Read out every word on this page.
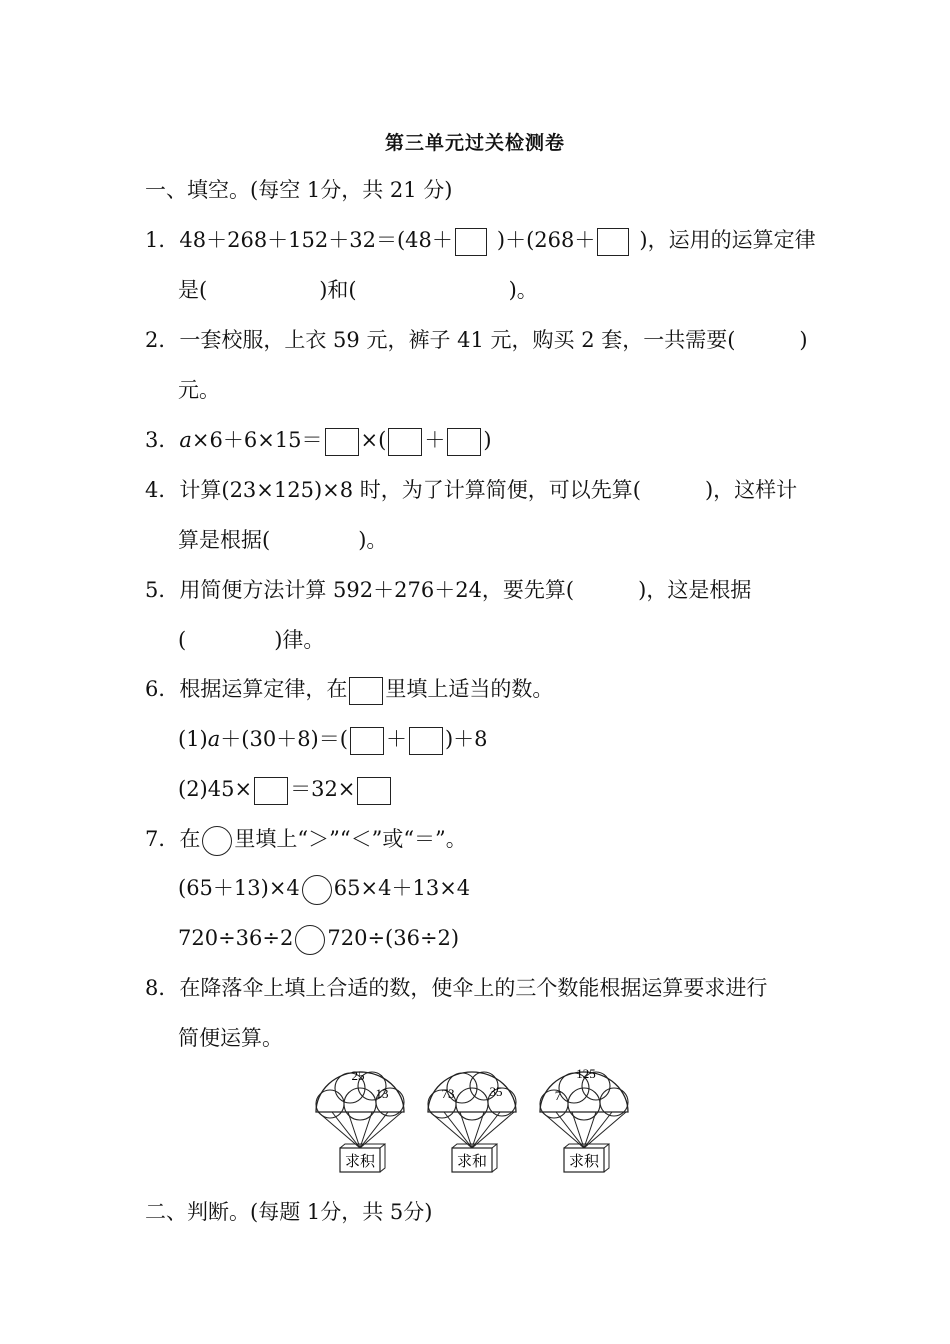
第三单元过关检测卷
一、填空。(每空 1分，共 21 分)
1．48＋268＋152＋32＝(48＋ )＋(268＋ )，运用的运算定律
是(	)和(	)。
2．一套校服，上衣 59 元，裤子 41 元，购买 2 套，一共需要(	)
元。
3．a×6＋6×15＝ ×( ＋ )
4．计算(23×125)×8 时，为了计算简便，可以先算(	)，这样计
算是根据(	)。
5．用简便方法计算 592＋276＋24，要先算(	)，这是根据
(	)律。
6．根据运算定律，在 里填上适当的数。
(1)a＋(30＋8)＝( ＋ )＋8
(2)45× ＝32×
7．在 里填上“＞”“＜”或“＝”。
(65＋13)×4 65×4＋13×4
720÷36÷2 720÷(36÷2)
8．在降落伞上填上合适的数，使伞上的三个数能根据运算要求进行
简便运算。
求积
25
13
求和
73	35
求积
7
125
二、判断。(每题 1分，共 5分)
